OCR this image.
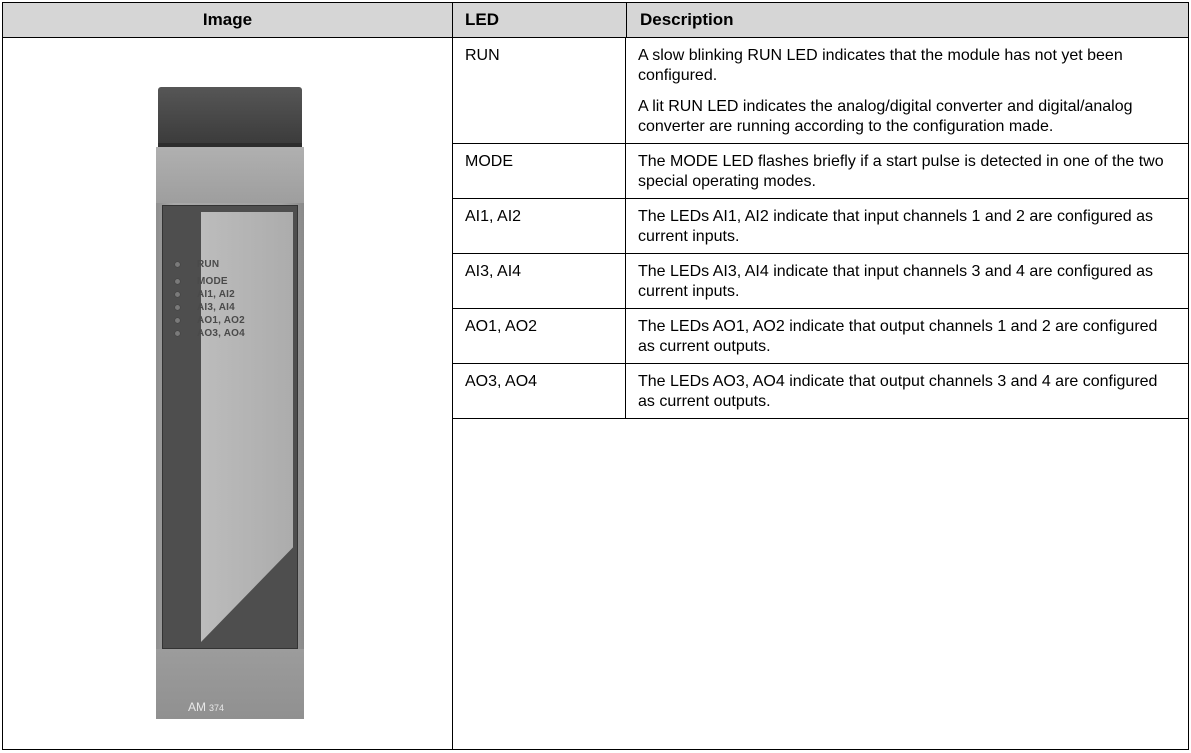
Image	LED	Description
RUN
MODE
AI1, AI2
AI3, AI4
AO1, AO2
AO3, AO4
AM 374
RUN	A slow blinking RUN LED indicates that the module has not yet been configured.

A lit RUN LED indicates the analog/digital converter and digital/analog converter are running according to the configuration made.

MODE	The MODE LED flashes briefly if a start pulse is detected in one of the two special operating modes.

AI1, AI2	The LEDs AI1, AI2 indicate that input channels 1 and 2 are configured as current inputs.

AI3, AI4	The LEDs AI3, AI4 indicate that input channels 3 and 4 are configured as current inputs.

AO1, AO2	The LEDs AO1, AO2 indicate that output channels 1 and 2 are configured as current outputs.

AO3, AO4	The LEDs AO3, AO4 indicate that output channels 3 and 4 are configured as current outputs.
